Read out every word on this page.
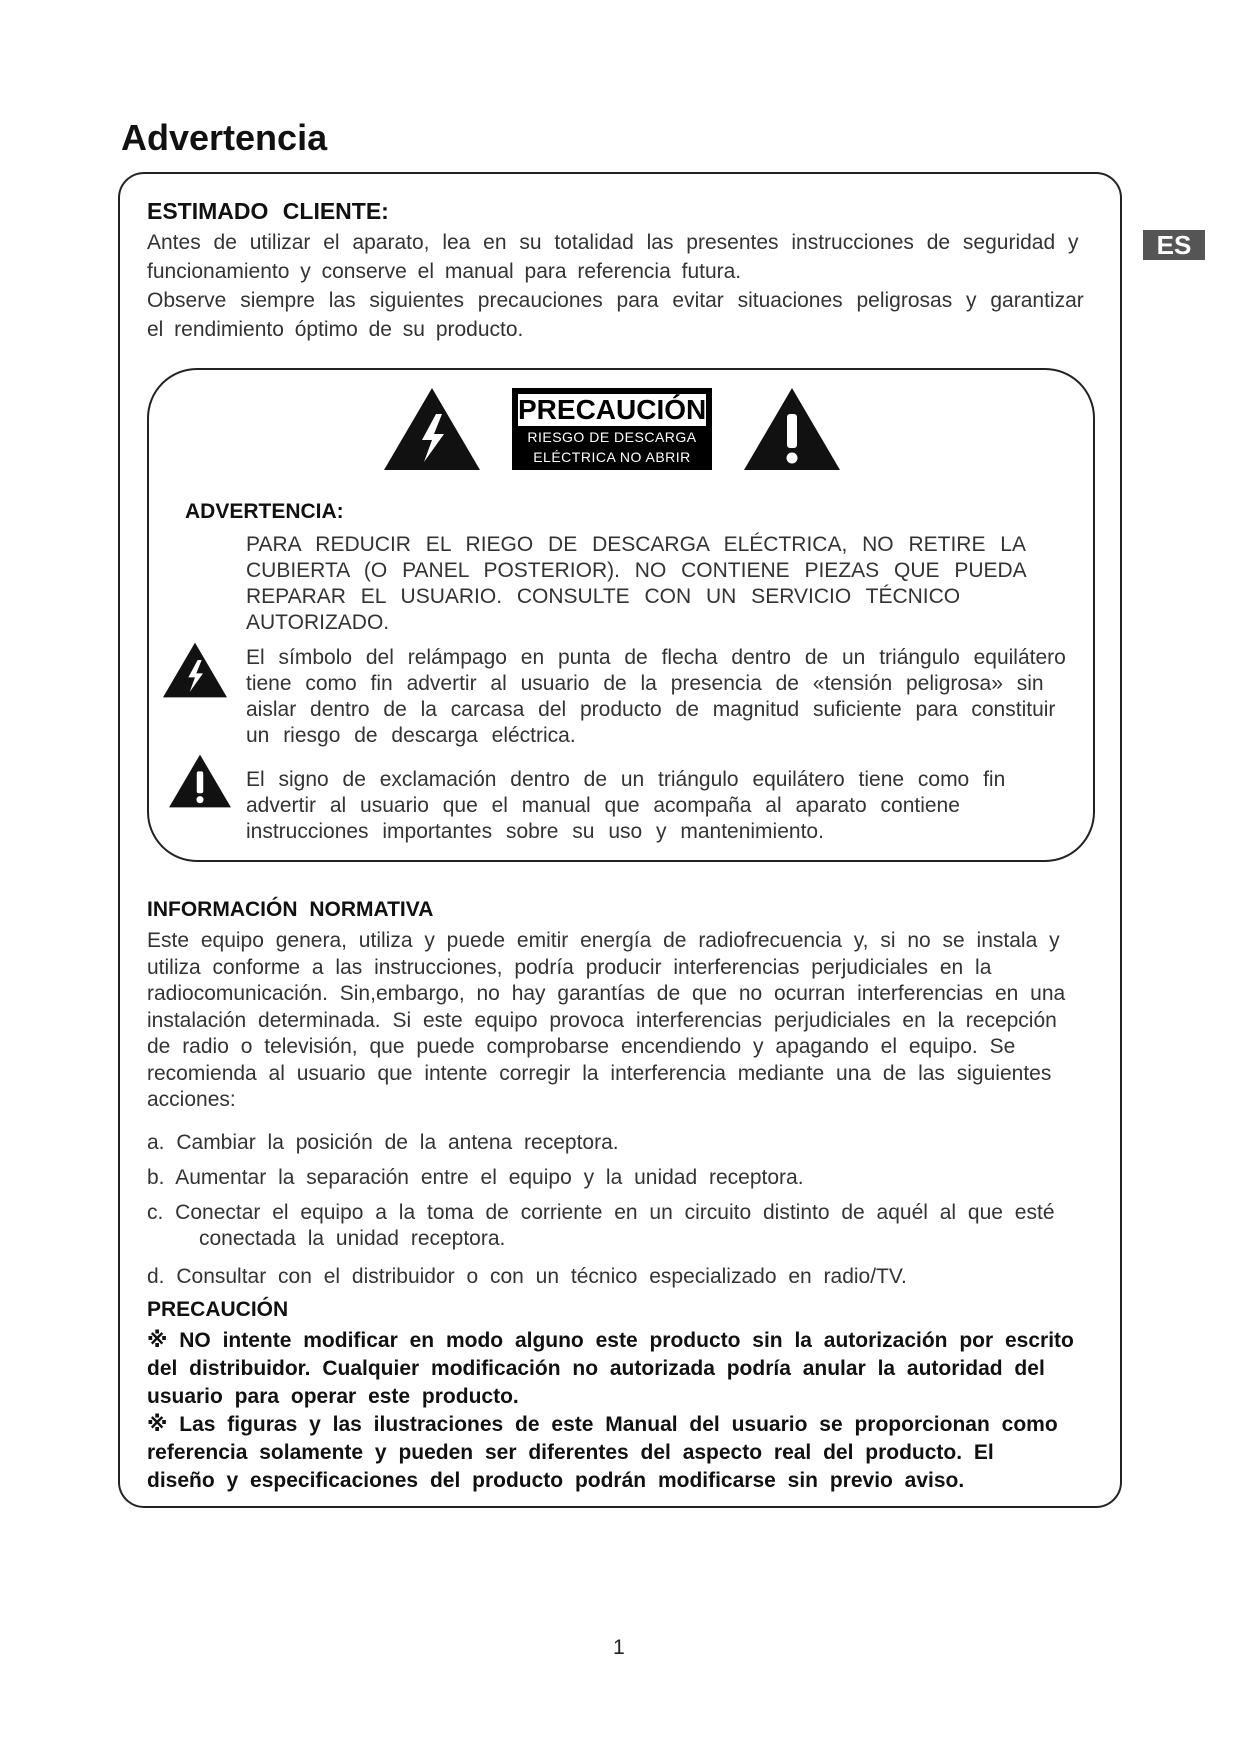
Advertencia
ES
ESTIMADO CLIENTE:
Antes de utilizar el aparato, lea en su totalidad las presentes instrucciones de seguridad y
funcionamiento y conserve el manual para referencia futura.
Observe siempre las siguientes precauciones para evitar situaciones peligrosas y garantizar
el rendimiento óptimo de su producto.
PRECAUCIÓN
RIESGO DE DESCARGA
ELÉCTRICA NO ABRIR
ADVERTENCIA:
PARA REDUCIR EL RIEGO DE DESCARGA ELÉCTRICA, NO RETIRE LA
CUBIERTA (O PANEL POSTERIOR). NO CONTIENE PIEZAS QUE PUEDA
REPARAR EL USUARIO. CONSULTE CON UN SERVICIO TÉCNICO
AUTORIZADO.
El símbolo del relámpago en punta de flecha dentro de un triángulo equilátero
tiene como fin advertir al usuario de la presencia de «tensión peligrosa» sin
aislar dentro de la carcasa del producto de magnitud suficiente para constituir
un riesgo de descarga eléctrica.
El signo de exclamación dentro de un triángulo equilátero tiene como fin
advertir al usuario que el manual que acompaña al aparato contiene
instrucciones importantes sobre su uso y mantenimiento.
INFORMACIÓN NORMATIVA
Este equipo genera, utiliza y puede emitir energía de radiofrecuencia y, si no se instala y
utiliza conforme a las instrucciones, podría producir interferencias perjudiciales en la
radiocomunicación. Sin,embargo, no hay garantías de que no ocurran interferencias en una
instalación determinada. Si este equipo provoca interferencias perjudiciales en la recepción
de radio o televisión, que puede comprobarse encendiendo y apagando el equipo. Se
recomienda al usuario que intente corregir la interferencia mediante una de las siguientes
acciones:
a. Cambiar la posición de la antena receptora.
b. Aumentar la separación entre el equipo y la unidad receptora.
c. Conectar el equipo a la toma de corriente en un circuito distinto de aquél al que esté
conectada la unidad receptora.
d. Consultar con el distribuidor o con un técnico especializado en radio/TV.
PRECAUCIÓN
※ NO intente modificar en modo alguno este producto sin la autorización por escrito
del distribuidor. Cualquier modificación no autorizada podría anular la autoridad del
usuario para operar este producto.
※ Las figuras y las ilustraciones de este Manual del usuario se proporcionan como
referencia solamente y pueden ser diferentes del aspecto real del producto. El
diseño y especificaciones del producto podrán modificarse sin previo aviso.
1
